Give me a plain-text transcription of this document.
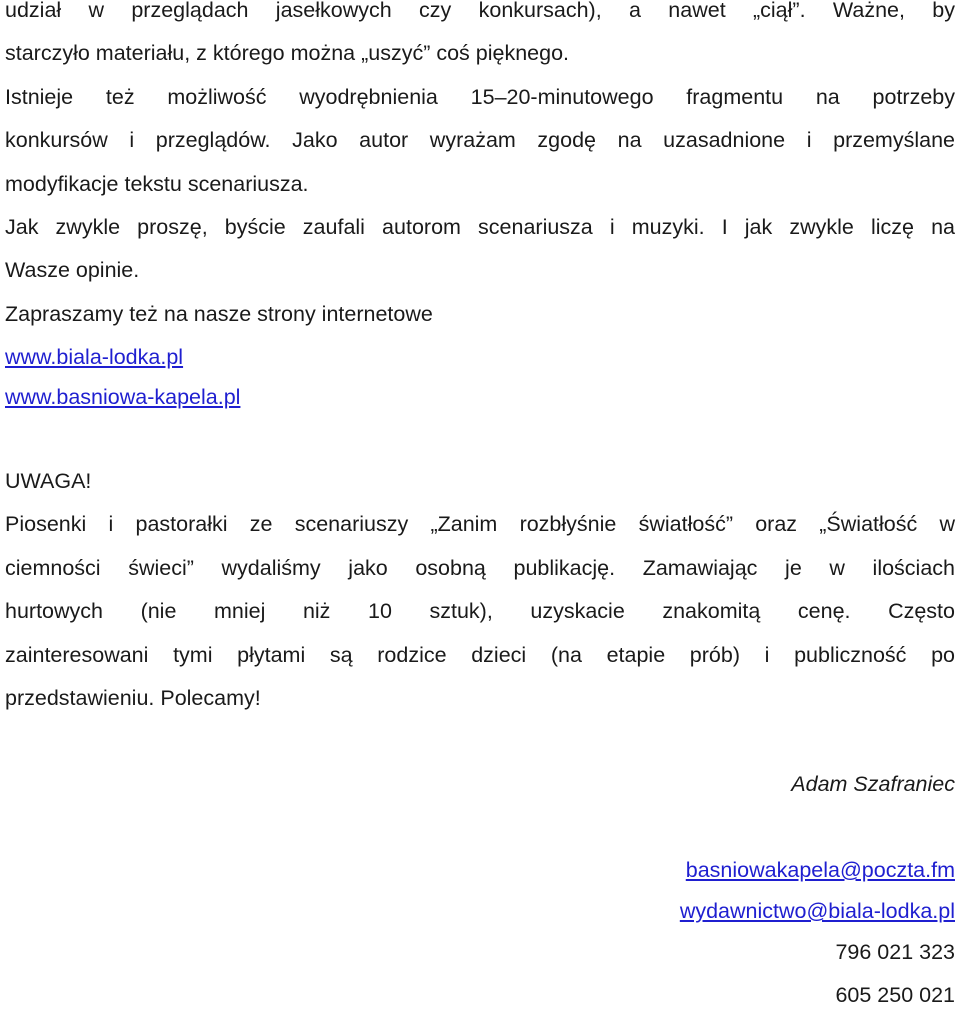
udział w przeglądach jasełkowych czy konkursach), a nawet „ciął”. Ważne, by
starczyło materiału, z którego można „uszyć” coś pięknego.
Istnieje też możliwość wyodrębnienia 15–20-minutowego fragmentu na potrzeby
konkursów i przeglądów. Jako autor wyrażam zgodę na uzasadnione i przemyślane
modyfikacje tekstu scenariusza.
Jak zwykle proszę, byście zaufali autorom scenariusza i muzyki. I jak zwykle liczę na
Wasze opinie.
Zapraszamy też na nasze strony internetowe
www.biala-lodka.pl
www.basniowa-kapela.pl
UWAGA!
Piosenki i pastorałki ze scenariuszy „Zanim rozbłyśnie światłość” oraz „Światłość w
ciemności świeci” wydaliśmy jako osobną publikację. Zamawiając je w ilościach
hurtowych (nie mniej niż 10 sztuk), uzyskacie znakomitą cenę. Często
zainteresowani tymi płytami są rodzice dzieci (na etapie prób) i publiczność po
przedstawieniu. Polecamy!
Adam Szafraniec
basniowakapela@poczta.fm
wydawnictwo@biala-lodka.pl
796 021 323
605 250 021
